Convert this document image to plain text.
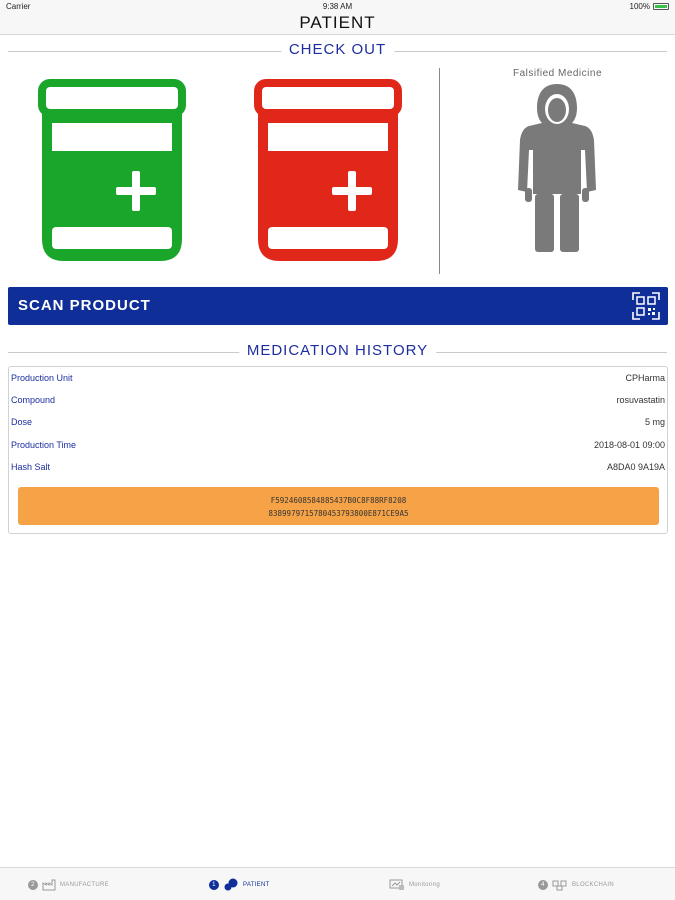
Carrier	9:38 AM	100%
PATIENT
CHECK OUT
Falsified Medicine
SCAN PRODUCT
MEDICATION HISTORY
Production Unit	CPHarma
Compound	rosuvastatin
Dose	5 mg
Production Time	2018-08-01 09:00
Hash Salt	A8DA0 9A19A
F5924608584885437B0C8F88RF8208
8389979715780453793800E871CE9A5
2	MANUFACTURE	1	PATIENT	Monitoring	4	BLOCKCHAIN
